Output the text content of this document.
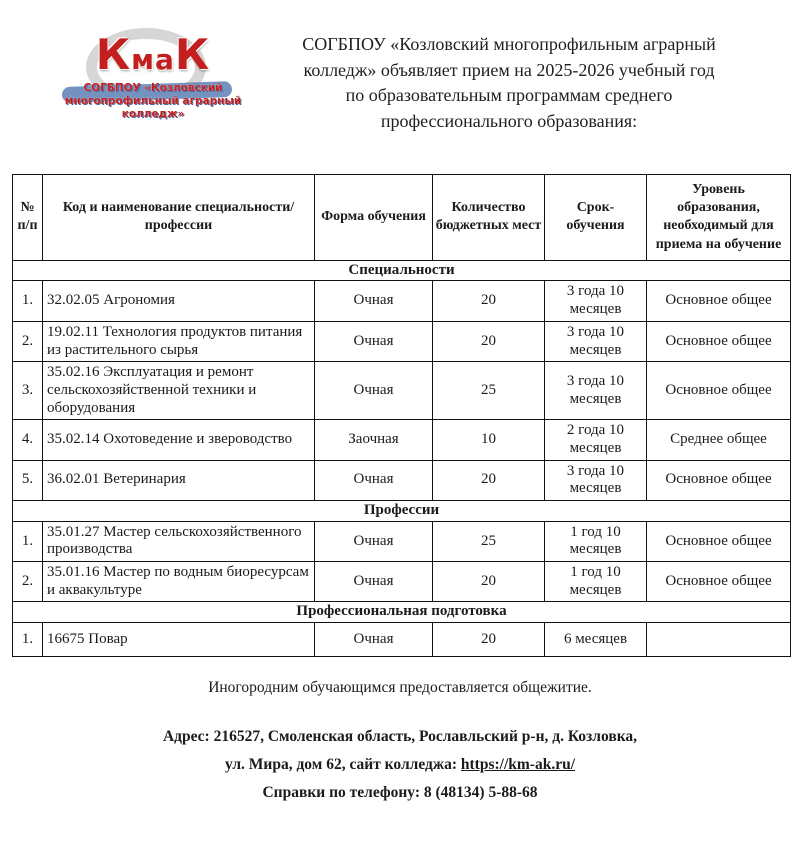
КмаК
СОГБПОУ «Козловский
многопрофильный аграрный
колледж»
СОГБПОУ «Козловский многопрофильным аграрный
колледж» объявляет прием на 2025-2026 учебный год
по образовательным программам среднего
профессионального образования:
№ п/п	Код и наименование специальности/профессии	Форма обучения	Количество бюджетных мест	Срок- обучения	Уровень образования, необходимый для приема на обучение
Специальности					
1.	32.02.05 Агрономия	Очная	20	3 года 10 месяцев	Основное общее
2.	19.02.11 Технология продуктов питания из растительного сырья	Очная	20	3 года 10 месяцев	Основное общее
3.	35.02.16 Эксплуатация и ремонт сельскохозяйственной техники и оборудования	Очная	25	3 года 10 месяцев	Основное общее
4.	35.02.14 Охотоведение и звероводство	Заочная	10	2 года 10 месяцев	Среднее общее
5.	36.02.01 Ветеринария	Очная	20	3 года 10 месяцев	Основное общее
Профессии					
1.	35.01.27 Мастер сельскохозяйственного производства	Очная	25	1 год 10 месяцев	Основное общее
2.	35.01.16 Мастер по водным биоресурсам и аквакультуре	Очная	20	1 год 10 месяцев	Основное общее
Профессиональная подготовка					
1.	16675 Повар	Очная	20	6 месяцев	
Иногородним обучающимся предоставляется общежитие.
Адрес: 216527, Смоленская область, Рославльский р-н, д. Козловка,
ул. Мира, дом 62, сайт колледжа: https://km-ak.ru/
Справки по телефону: 8 (48134) 5-88-68
